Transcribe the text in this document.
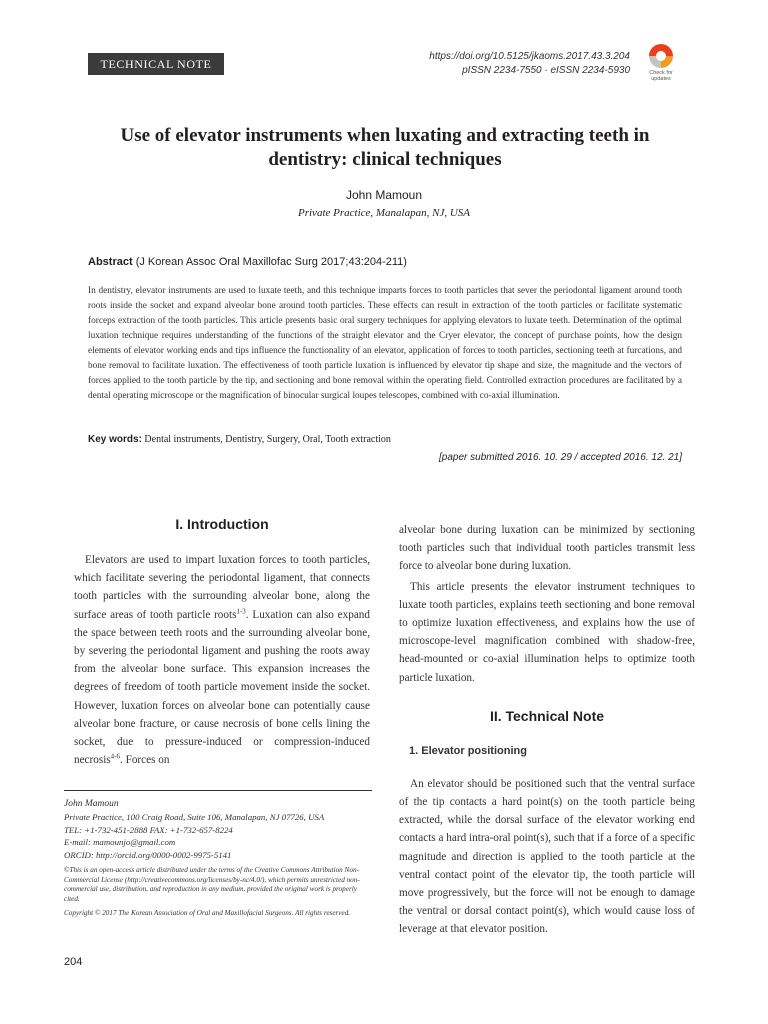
TECHNICAL NOTE
https://doi.org/10.5125/jkaoms.2017.43.3.204
pISSN 2234-7550 · eISSN 2234-5930	Check for updates
Use of elevator instruments when luxating and extracting teeth in dentistry: clinical techniques
John Mamoun
Private Practice, Manalapan, NJ, USA
Abstract (J Korean Assoc Oral Maxillofac Surg 2017;43:204-211)
In dentistry, elevator instruments are used to luxate teeth, and this technique imparts forces to tooth particles that sever the periodontal ligament around tooth roots inside the socket and expand alveolar bone around tooth particles. These effects can result in extraction of the tooth particles or facilitate systematic forceps extraction of the tooth particles. This article presents basic oral surgery techniques for applying elevators to luxate teeth. Determination of the optimal luxation technique requires understanding of the functions of the straight elevator and the Cryer elevator, the concept of purchase points, how the design elements of elevator working ends and tips influence the functionality of an elevator, application of forces to tooth particles, sectioning teeth at furcations, and bone removal to facilitate luxation. The effectiveness of tooth particle luxation is influenced by elevator tip shape and size, the magnitude and the vectors of forces applied to the tooth particle by the tip, and sectioning and bone removal within the operating field. Controlled extraction procedures are facilitated by a dental operating microscope or the magnification of binocular surgical loupes telescopes, combined with co-axial illumination.
Key words: Dental instruments, Dentistry, Surgery, Oral, Tooth extraction
[paper submitted 2016. 10. 29 / accepted 2016. 12. 21]
I. Introduction

Elevators are used to impart luxation forces to tooth particles, which facilitate severing the periodontal ligament, that connects tooth particles with the surrounding alveolar bone, along the surface areas of tooth particle roots$^{1-3}$. Luxation can also expand the space between teeth roots and the surrounding alveolar bone, by severing the periodontal ligament and pushing the roots away from the alveolar bone surface. This expansion increases the degrees of freedom of tooth particle movement inside the socket. However, luxation forces on alveolar bone can potentially cause alveolar bone fracture, or cause necrosis of bone cells lining the socket, due to pressure-induced or compression-induced necrosis$^{4-6}$. Forces on

alveolar bone during luxation can be minimized by sectioning tooth particles such that individual tooth particles transmit less force to alveolar bone during luxation.

This article presents the elevator instrument techniques to luxate tooth particles, explains teeth sectioning and bone removal to optimize luxation effectiveness, and explains how the use of microscope-level magnification combined with shadow-free, head-mounted or co-axial illumination helps to optimize tooth particle luxation.

II. Technical Note
1. Elevator positioning

An elevator should be positioned such that the ventral surface of the tip contacts a hard point(s) on the tooth particle being extracted, while the dorsal surface of the elevator working end contacts a hard intra-oral point(s), such that if a force of a specific magnitude and direction is applied to the tooth particle at the ventral contact point of the elevator tip, the tooth particle will move progressively, but the force will not be enough to damage the ventral or dorsal contact point(s), which would cause loss of leverage at that elevator position.

John Mamoun
Private Practice, 100 Craig Road, Suite 106, Manalapan, NJ 07726, USA
TEL: +1-732-451-2888 FAX: +1-732-657-8224
E-mail: mamounjo@gmail.com
ORCID: http://orcid.org/0000-0002-9975-5141
©This is an open-access article distributed under the terms of the Creative Commons Attribution Non-Commercial License (http://creativecommons.org/licenses/by-nc/4.0/), which permits unrestricted non-commercial use, distribution, and reproduction in any medium, provided the original work is properly cited.
Copyright © 2017 The Korean Association of Oral and Maxillofacial Surgeons. All rights reserved.
204
